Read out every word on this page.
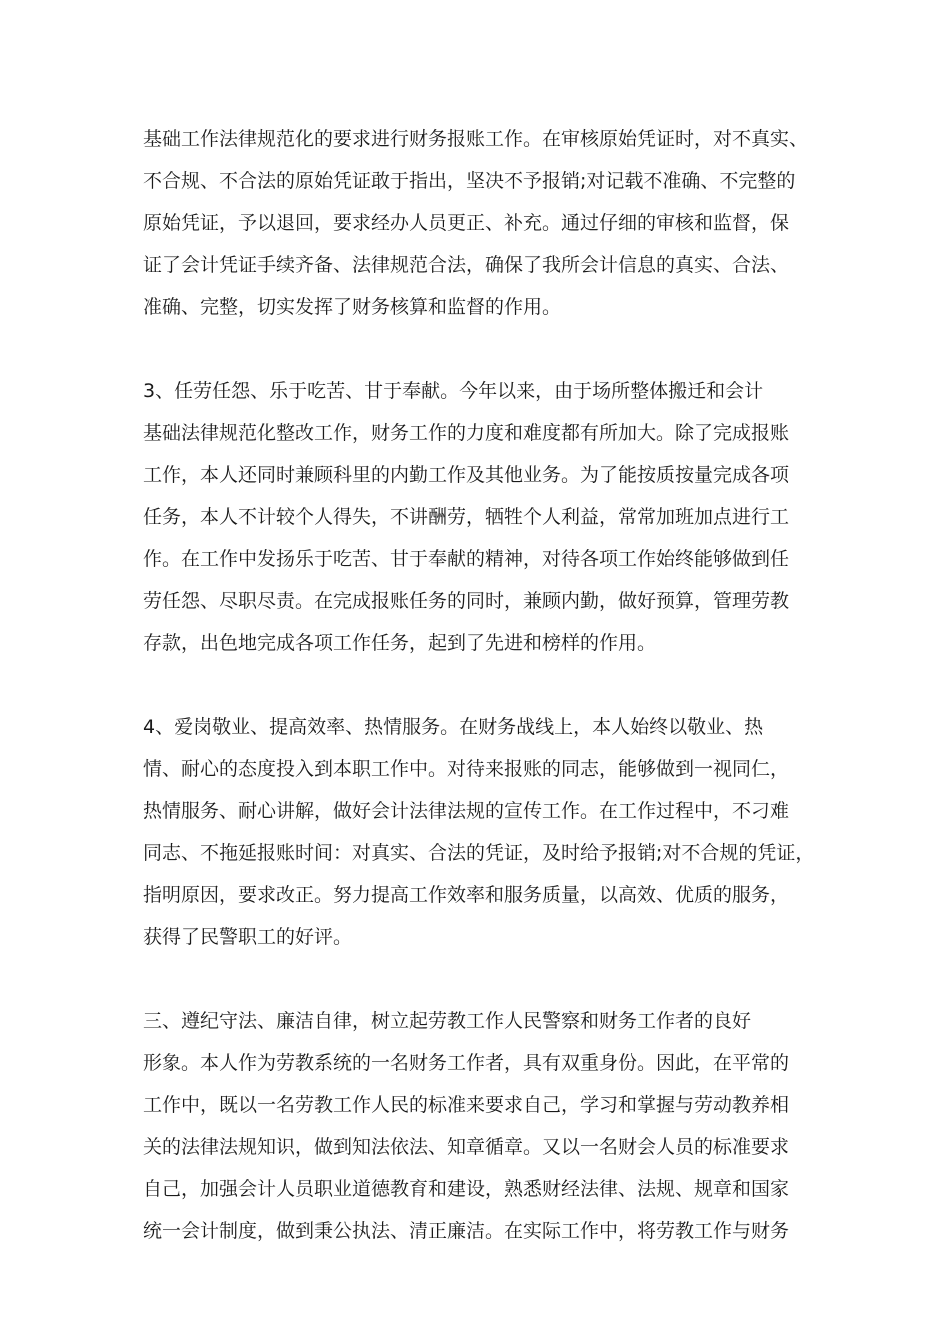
基础工作法律规范化的要求进行财务报账工作。在审核原始凭证时，对不真实、
不合规、不合法的原始凭证敢于指出，坚决不予报销;对记载不准确、不完整的
原始凭证，予以退回，要求经办人员更正、补充。通过仔细的审核和监督，保
证了会计凭证手续齐备、法律规范合法，确保了我所会计信息的真实、合法、
准确、完整，切实发挥了财务核算和监督的作用。
3、任劳任怨、乐于吃苦、甘于奉献。今年以来，由于场所整体搬迁和会计
基础法律规范化整改工作，财务工作的力度和难度都有所加大。除了完成报账
工作，本人还同时兼顾科里的内勤工作及其他业务。为了能按质按量完成各项
任务，本人不计较个人得失，不讲酬劳，牺牲个人利益，常常加班加点进行工
作。在工作中发扬乐于吃苦、甘于奉献的精神，对待各项工作始终能够做到任
劳任怨、尽职尽责。在完成报账任务的同时，兼顾内勤，做好预算，管理劳教
存款，出色地完成各项工作任务，起到了先进和榜样的作用。
4、爱岗敬业、提高效率、热情服务。在财务战线上，本人始终以敬业、热
情、耐心的态度投入到本职工作中。对待来报账的同志，能够做到一视同仁，
热情服务、耐心讲解，做好会计法律法规的宣传工作。在工作过程中，不刁难
同志、不拖延报账时间：对真实、合法的凭证，及时给予报销;对不合规的凭证，
指明原因，要求改正。努力提高工作效率和服务质量，以高效、优质的服务，
获得了民警职工的好评。
三、遵纪守法、廉洁自律，树立起劳教工作人民警察和财务工作者的良好
形象。本人作为劳教系统的一名财务工作者，具有双重身份。因此，在平常的
工作中，既以一名劳教工作人民的标准来要求自己，学习和掌握与劳动教养相
关的法律法规知识，做到知法依法、知章循章。又以一名财会人员的标准要求
自己，加强会计人员职业道德教育和建设，熟悉财经法律、法规、规章和国家
统一会计制度，做到秉公执法、清正廉洁。在实际工作中，将劳教工作与财务
